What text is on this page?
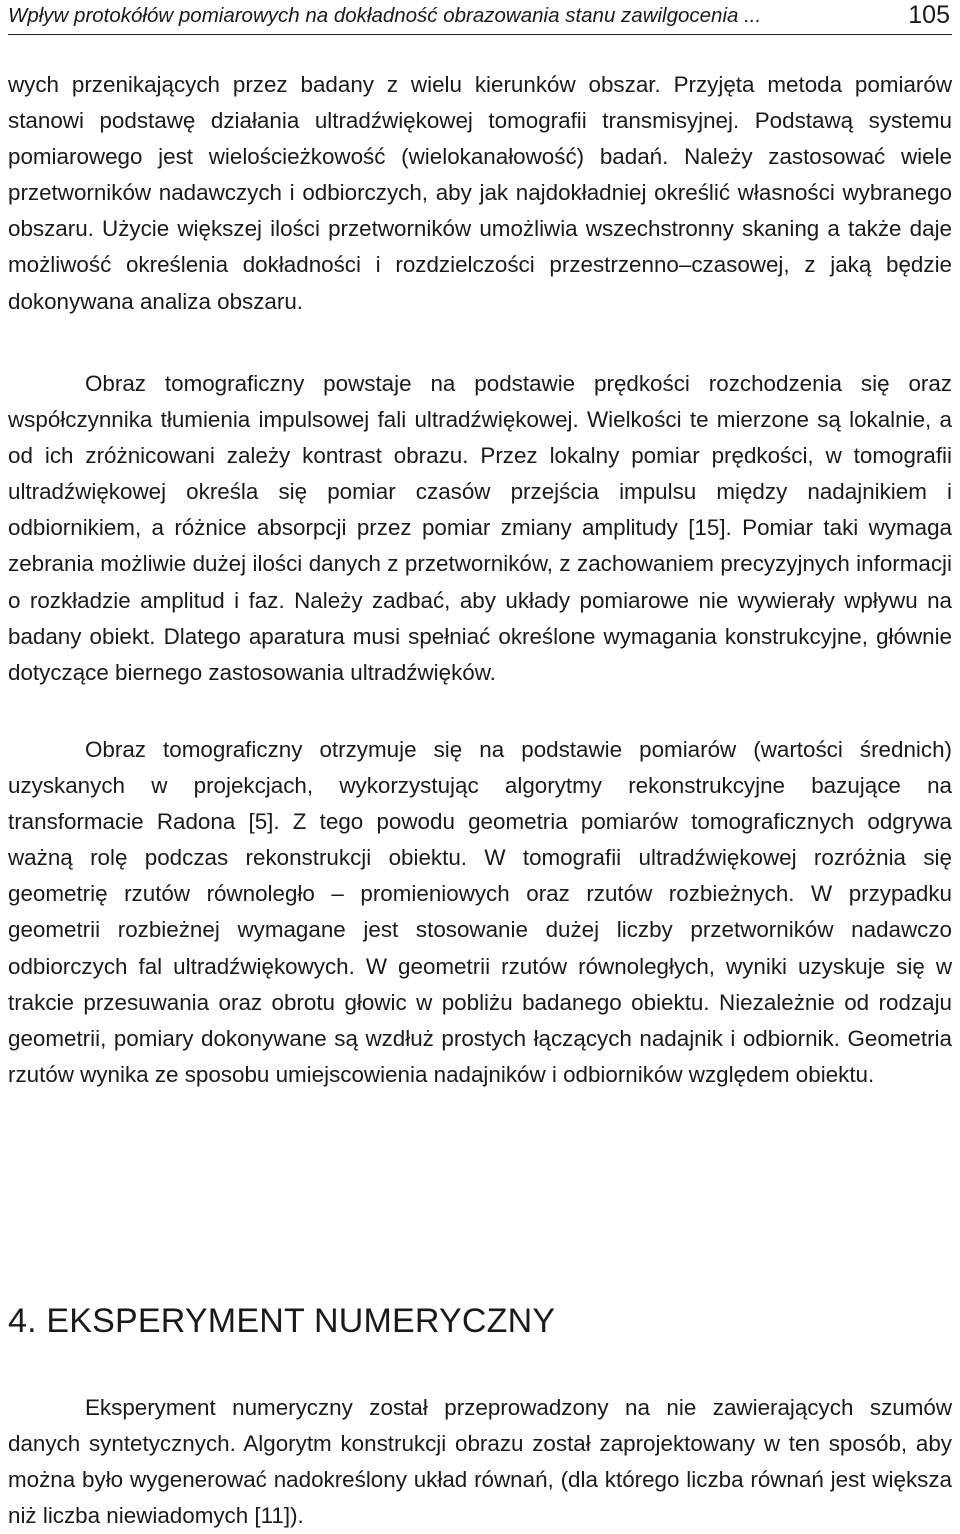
Wpływ protokółów pomiarowych na dokładność obrazowania stanu zawilgocenia ...	105

wych przenikających przez badany z wielu kierunków obszar. Przyjęta metoda pomiarów stanowi podstawę działania ultradźwiękowej tomografii transmisyjnej. Podstawą systemu pomiarowego jest wielościeżkowość (wielokanałowość) badań. Należy zastosować wiele przetworników nadawczych i odbiorczych, aby jak najdokładniej określić własności wybranego obszaru. Użycie większej ilości przetworników umożliwia wszechstronny skaning a także daje możliwość określenia dokładności i rozdzielczości przestrzenno–czasowej, z jaką będzie dokonywana analiza obszaru.

Obraz tomograficzny powstaje na podstawie prędkości rozchodzenia się oraz współczynnika tłumienia impulsowej fali ultradźwiękowej. Wielkości te mierzone są lokalnie, a od ich zróżnicowani zależy kontrast obrazu. Przez lokalny pomiar prędkości, w tomografii ultradźwiękowej określa się pomiar czasów przejścia impulsu między nadajnikiem i odbiornikiem, a różnice absorpcji przez pomiar zmiany amplitudy [15]. Pomiar taki wymaga zebrania możliwie dużej ilości danych z przetworników, z zachowaniem precyzyjnych informacji o rozkładzie amplitud i faz. Należy zadbać, aby układy pomiarowe nie wywierały wpływu na badany obiekt. Dlatego aparatura musi spełniać określone wymagania konstrukcyjne, głównie dotyczące biernego zastosowania ultradźwięków.

Obraz tomograficzny otrzymuje się na podstawie pomiarów (wartości średnich) uzyskanych w projekcjach, wykorzystując algorytmy rekonstrukcyjne bazujące na transformacie Radona [5]. Z tego powodu geometria pomiarów tomograficznych odgrywa ważną rolę podczas rekonstrukcji obiektu. W tomografii ultradźwiękowej rozróżnia się geometrię rzutów równoległo – promieniowych oraz rzutów rozbieżnych. W przypadku geometrii rozbieżnej wymagane jest stosowanie dużej liczby przetworników nadawczo odbiorczych fal ultradźwiękowych. W geometrii rzutów równoległych, wyniki uzyskuje się w trakcie przesuwania oraz obrotu głowic w pobliżu badanego obiektu. Niezależnie od rodzaju geometrii, pomiary dokonywane są wzdłuż prostych łączących nadajnik i odbiornik. Geometria rzutów wynika ze sposobu umiejscowienia nadajników i odbiorników względem obiektu.

4. EKSPERYMENT NUMERYCZNY

Eksperyment numeryczny został przeprowadzony na nie zawierających szumów danych syntetycznych. Algorytm konstrukcji obrazu został zaprojektowany w ten sposób, aby można było wygenerować nadokreślony układ równań, (dla którego liczba równań jest większa niż liczba niewiadomych [11]).
